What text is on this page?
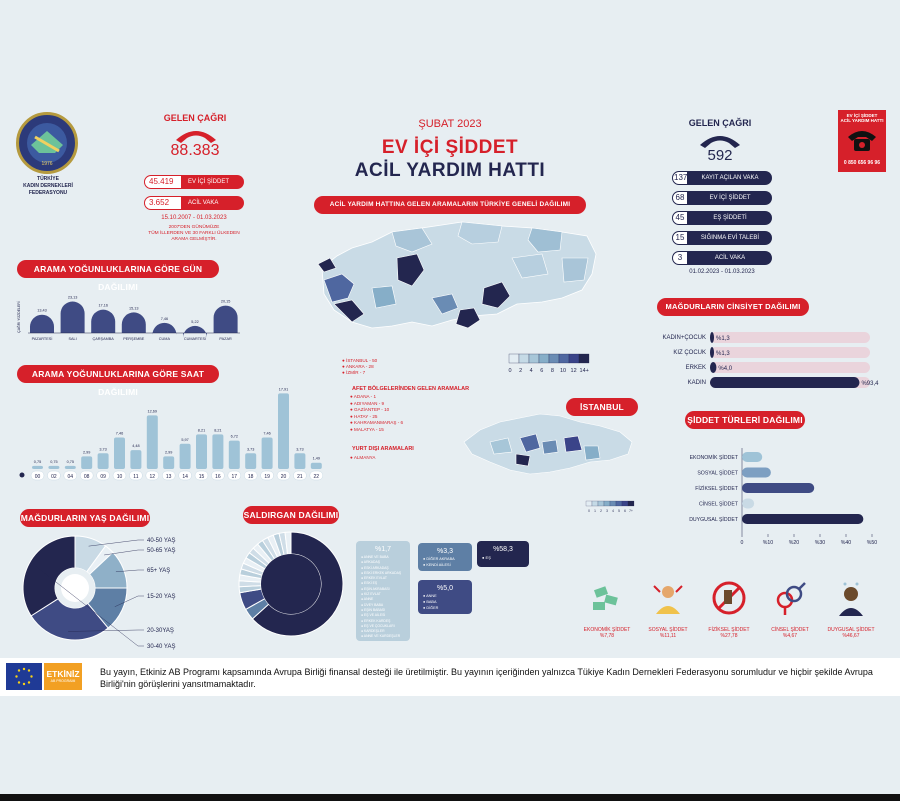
ŞUBAT 2023
EV İÇİ ŞİDDET
ACİL YARDIM HATTI
1976
TÜRKİYE
KADIN DERNEKLERİ
FEDERASYONU
EV İÇİ ŞİDDET
ACİL YARDIM HATTI
0 850 656 96 96
GELEN ÇAĞRI
88.383
45.419	EV İÇİ ŞİDDET
3.652	ACİL VAKA
15.10.2007 - 01.03.2023
2007'DEN GÜNÜMÜZE
TÜM İLLERDEN VE 30 FARKLI ÜLKEDEN
ARAMA GELMİŞTİR.
GELEN ÇAĞRI
592
137	KAYIT AÇILAN VAKA
68	EV İÇİ ŞİDDET
45	EŞ ŞİDDETİ
15	SIĞINMA EVİ TALEBİ
3	ACİL VAKA
01.02.2023 - 01.03.2023
ARAMA YOĞUNLUKLARINA GÖRE GÜN DAĞILIMI
ARAMA YOĞUNLUKLARINA GÖRE SAAT DAĞILIMI
MAĞDURLARIN YAŞ DAĞILIMI	SALDIRGAN DAĞILIMI
ACİL YARDIM HATTINA GELEN ARAMALARIN TÜRKİYE GENELİ DAĞILIMI
İSTANBUL
MAĞDURLARIN CİNSİYET DAĞILIMI
ŞİDDET TÜRLERİ DAĞILIMI
ÇAĞRI YÜZDELERİ	13,43
PAZARTESİ
23,13
SALI
17,16
ÇARŞAMBA
15,13
PERŞEMBE
7,46
CUMA
5,22
CUMARTESİ
20,15
PAZAR
0,75
00
0,75
02
0,75
04
2,99
08
3,73
09
7,46
10
4,48
11
12,69
12
2,99
13
5,97
14
8,21
15
8,21
16
6,72
17
3,73
18
7,46
19
17,91
20
3,73
21
1,49
22
40-50 YAŞ
50-65 YAŞ
65+ YAŞ
15-20 YAŞ
20-30YAŞ
30-40 YAŞ
%1,7
● ANNE VE BABA
● ARKADAŞ
● ESKİ ARKADAŞ
● ESKİ ERKEK ARKADAŞ
● ERKEK EVLAT
● ESKİ EŞ
● EŞİN AKRABASI
● KIZ EVLAT
● ANNE
● ÜVEY BABA
● EŞİN BABASI
● EŞ VE AİLESİ
● ERKEK KARDEŞ
● EŞ VE ÇOCUKLARI
● KARDEŞLER
● ANNE VE KARDEŞLER
%3,3
● DİĞER AKRABA
● KENDİ AİLESİ
%58,3
● EŞ
%5,0
● ANNE
● BABA
● DİĞER
0 2 4 6 8 10 12 14+
● İSTANBUL - 50
● ANKARA - 28
● İZMİR - 7
AFET BÖLGELERİNDEN GELEN ARAMALAR
● ADANA - 1
● ADIYAMAN - 9
● GAZİANTEP - 10
● HATAY - 25
● KAHRAMANMARAŞ - 6
● MALATYA - 15
YURT DIŞI ARAMALARI
● ALMANYA
0 1 2 3 4 5 6 7+
KADIN+ÇOCUK %1,3
KIZ ÇOCUK %1,3
ERKEK %4,0
KADIN	%93,4
EKONOMİK ŞİDDET
SOSYAL ŞİDDET
FİZİKSEL ŞİDDET
CİNSEL ŞİDDET
DUYGUSAL ŞİDDET
0	%10	%20	%30	%40	%50
EKONOMİK ŞİDDET
%7,78
SOSYAL ŞİDDET
%11,11
FİZİKSEL ŞİDDET
%27,78
CİNSEL ŞİDDET
%4,67
DUYGUSAL ŞİDDET
%46,67
ETKİNİZ
AB PROGRAMI
Bu yayın, Etkiniz AB Programı kapsamında Avrupa Birliği finansal desteği ile üretilmiştir. Bu yayının içeriğinden yalnızca Tükiye Kadın Dernekleri Federasyonu sorumludur ve hiçbir şekilde Avrupa Birliği'nin görüşlerini yansıtmamaktadır.
